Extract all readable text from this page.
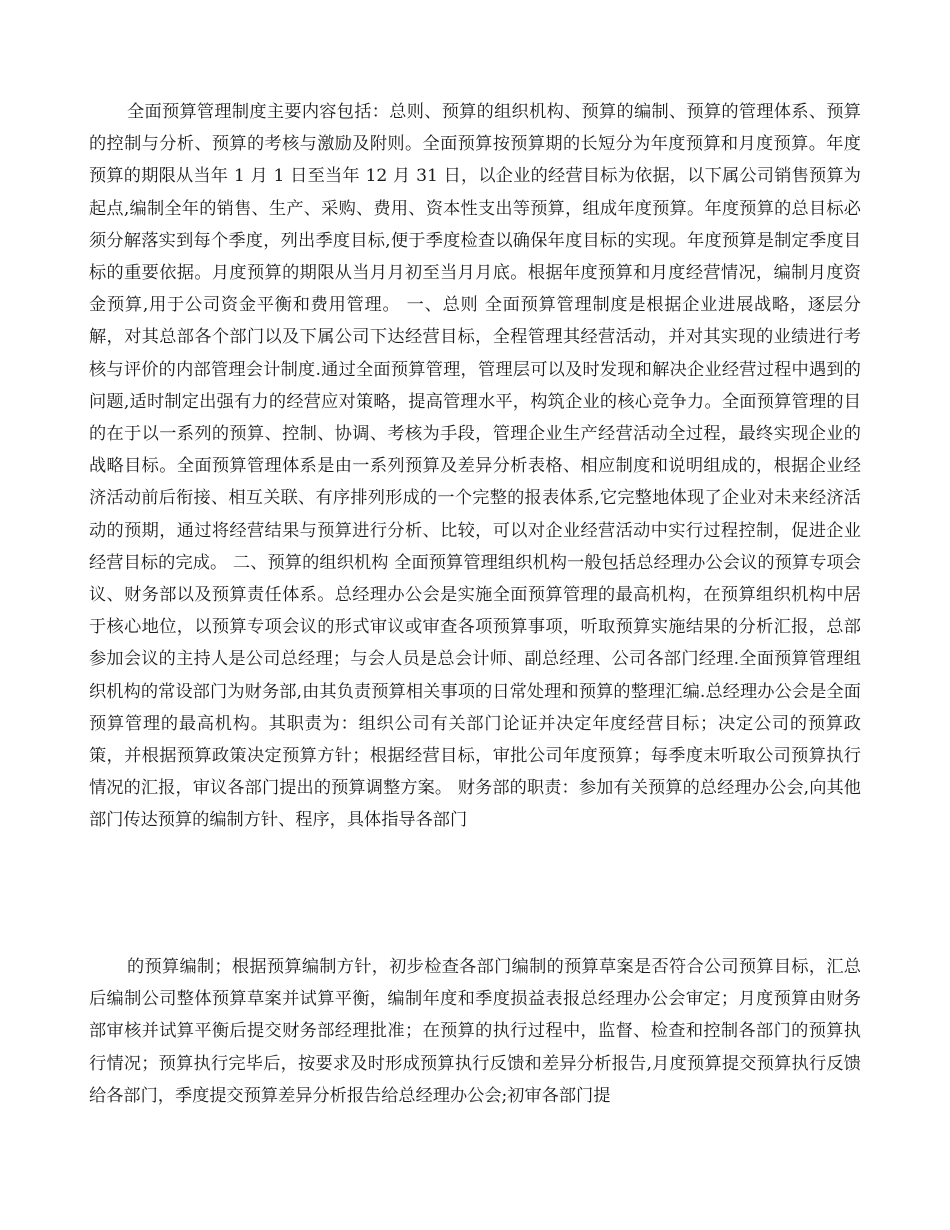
全面预算管理制度主要内容包括：总则、预算的组织机构、预算的编制、预算的管理体系、预算的控制与分析、预算的考核与激励及附则。全面预算按预算期的长短分为年度预算和月度预算。年度预算的期限从当年 1 月 1 日至当年 12 月 31 日，以企业的经营目标为依据，以下属公司销售预算为起点,编制全年的销售、生产、采购、费用、资本性支出等预算，组成年度预算。年度预算的总目标必须分解落实到每个季度，列出季度目标,便于季度检查以确保年度目标的实现。年度预算是制定季度目标的重要依据。月度预算的期限从当月月初至当月月底。根据年度预算和月度经营情况，编制月度资金预算,用于公司资金平衡和费用管理。 一、总则 全面预算管理制度是根据企业进展战略，逐层分解，对其总部各个部门以及下属公司下达经营目标，全程管理其经营活动，并对其实现的业绩进行考核与评价的内部管理会计制度.通过全面预算管理，管理层可以及时发现和解决企业经营过程中遇到的问题,适时制定出强有力的经营应对策略，提高管理水平，构筑企业的核心竞争力。全面预算管理的目的在于以一系列的预算、控制、协调、考核为手段，管理企业生产经营活动全过程，最终实现企业的战略目标。全面预算管理体系是由一系列预算及差异分析表格、相应制度和说明组成的，根据企业经济活动前后衔接、相互关联、有序排列形成的一个完整的报表体系,它完整地体现了企业对未来经济活动的预期，通过将经营结果与预算进行分析、比较，可以对企业经营活动中实行过程控制，促进企业经营目标的完成。 二、预算的组织机构 全面预算管理组织机构一般包括总经理办公会议的预算专项会议、财务部以及预算责任体系。总经理办公会是实施全面预算管理的最高机构，在预算组织机构中居于核心地位，以预算专项会议的形式审议或审查各项预算事项，听取预算实施结果的分析汇报，总部参加会议的主持人是公司总经理；与会人员是总会计师、副总经理、公司各部门经理.全面预算管理组织机构的常设部门为财务部,由其负责预算相关事项的日常处理和预算的整理汇编.总经理办公会是全面预算管理的最高机构。其职责为：组织公司有关部门论证并决定年度经营目标；决定公司的预算政策，并根据预算政策决定预算方针；根据经营目标，审批公司年度预算；每季度末听取公司预算执行情况的汇报，审议各部门提出的预算调整方案。 财务部的职责：参加有关预算的总经理办公会,向其他部门传达预算的编制方针、程序，具体指导各部门

的预算编制；根据预算编制方针，初步检查各部门编制的预算草案是否符合公司预算目标，汇总后编制公司整体预算草案并试算平衡，编制年度和季度损益表报总经理办公会审定；月度预算由财务部审核并试算平衡后提交财务部经理批准；在预算的执行过程中，监督、检查和控制各部门的预算执行情况；预算执行完毕后，按要求及时形成预算执行反馈和差异分析报告,月度预算提交预算执行反馈给各部门，季度提交预算差异分析报告给总经理办公会;初审各部门提
